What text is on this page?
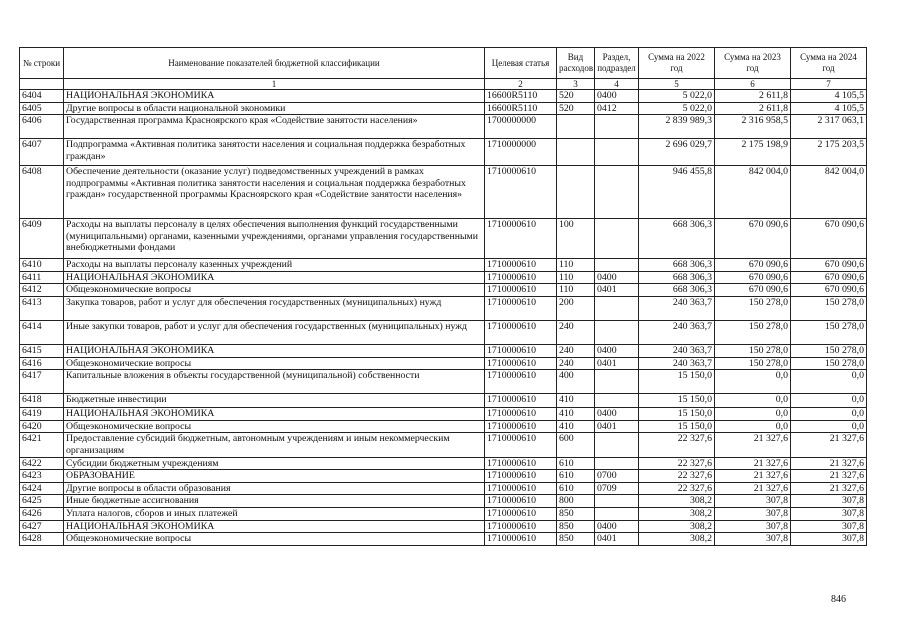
№ строки	Наименование показателей бюджетной классификации	Целевая статья	Вид расходов	Раздел, подраздел	Сумма на 2022 год	Сумма на 2023 год	Сумма на 2024 год
	1	2	3	4	5	6	7
6404	НАЦИОНАЛЬНАЯ ЭКОНОМИКА	16600R5110	520	0400	5 022,0	2 611,8	4 105,5
6405	Другие вопросы в области национальной экономики	16600R5110	520	0412	5 022,0	2 611,8	4 105,5
6406	Государственная программа Красноярского края «Содействие занятости населения»	1700000000			2 839 989,3	2 316 958,5	2 317 063,1
6407	Подпрограмма «Активная политика занятости населения и социальная поддержка безработных граждан»	1710000000			2 696 029,7	2 175 198,9	2 175 203,5
6408	Обеспечение деятельности (оказание услуг) подведомственных учреждений в рамках подпрограммы «Активная политика занятости населения и социальная поддержка безработных граждан» государственной программы Красноярского края «Содействие занятости населения»	1710000610			946 455,8	842 004,0	842 004,0
6409	Расходы на выплаты персоналу в целях обеспечения выполнения функций государственными (муниципальными) органами, казенными учреждениями, органами управления государственными внебюджетными фондами	1710000610	100		668 306,3	670 090,6	670 090,6
6410	Расходы на выплаты персоналу казенных учреждений	1710000610	110		668 306,3	670 090,6	670 090,6
6411	НАЦИОНАЛЬНАЯ ЭКОНОМИКА	1710000610	110	0400	668 306,3	670 090,6	670 090,6
6412	Общеэкономические вопросы	1710000610	110	0401	668 306,3	670 090,6	670 090,6
6413	Закупка товаров, работ и услуг для обеспечения государственных (муниципальных) нужд	1710000610	200		240 363,7	150 278,0	150 278,0
6414	Иные закупки товаров, работ и услуг для обеспечения государственных (муниципальных) нужд	1710000610	240		240 363,7	150 278,0	150 278,0
6415	НАЦИОНАЛЬНАЯ ЭКОНОМИКА	1710000610	240	0400	240 363,7	150 278,0	150 278,0
6416	Общеэкономические вопросы	1710000610	240	0401	240 363,7	150 278,0	150 278,0
6417	Капитальные вложения в объекты государственной (муниципальной) собственности	1710000610	400		15 150,0	0,0	0,0
6418	Бюджетные инвестиции	1710000610	410		15 150,0	0,0	0,0
6419	НАЦИОНАЛЬНАЯ ЭКОНОМИКА	1710000610	410	0400	15 150,0	0,0	0,0
6420	Общеэкономические вопросы	1710000610	410	0401	15 150,0	0,0	0,0
6421	Предоставление субсидий бюджетным, автономным учреждениям и иным некоммерческим организациям	1710000610	600		22 327,6	21 327,6	21 327,6
6422	Субсидии бюджетным учреждениям	1710000610	610		22 327,6	21 327,6	21 327,6
6423	ОБРАЗОВАНИЕ	1710000610	610	0700	22 327,6	21 327,6	21 327,6
6424	Другие вопросы в области образования	1710000610	610	0709	22 327,6	21 327,6	21 327,6
6425	Иные бюджетные ассигнования	1710000610	800		308,2	307,8	307,8
6426	Уплата налогов, сборов и иных платежей	1710000610	850		308,2	307,8	307,8
6427	НАЦИОНАЛЬНАЯ ЭКОНОМИКА	1710000610	850	0400	308,2	307,8	307,8
6428	Общеэкономические вопросы	1710000610	850	0401	308,2	307,8	307,8
846
